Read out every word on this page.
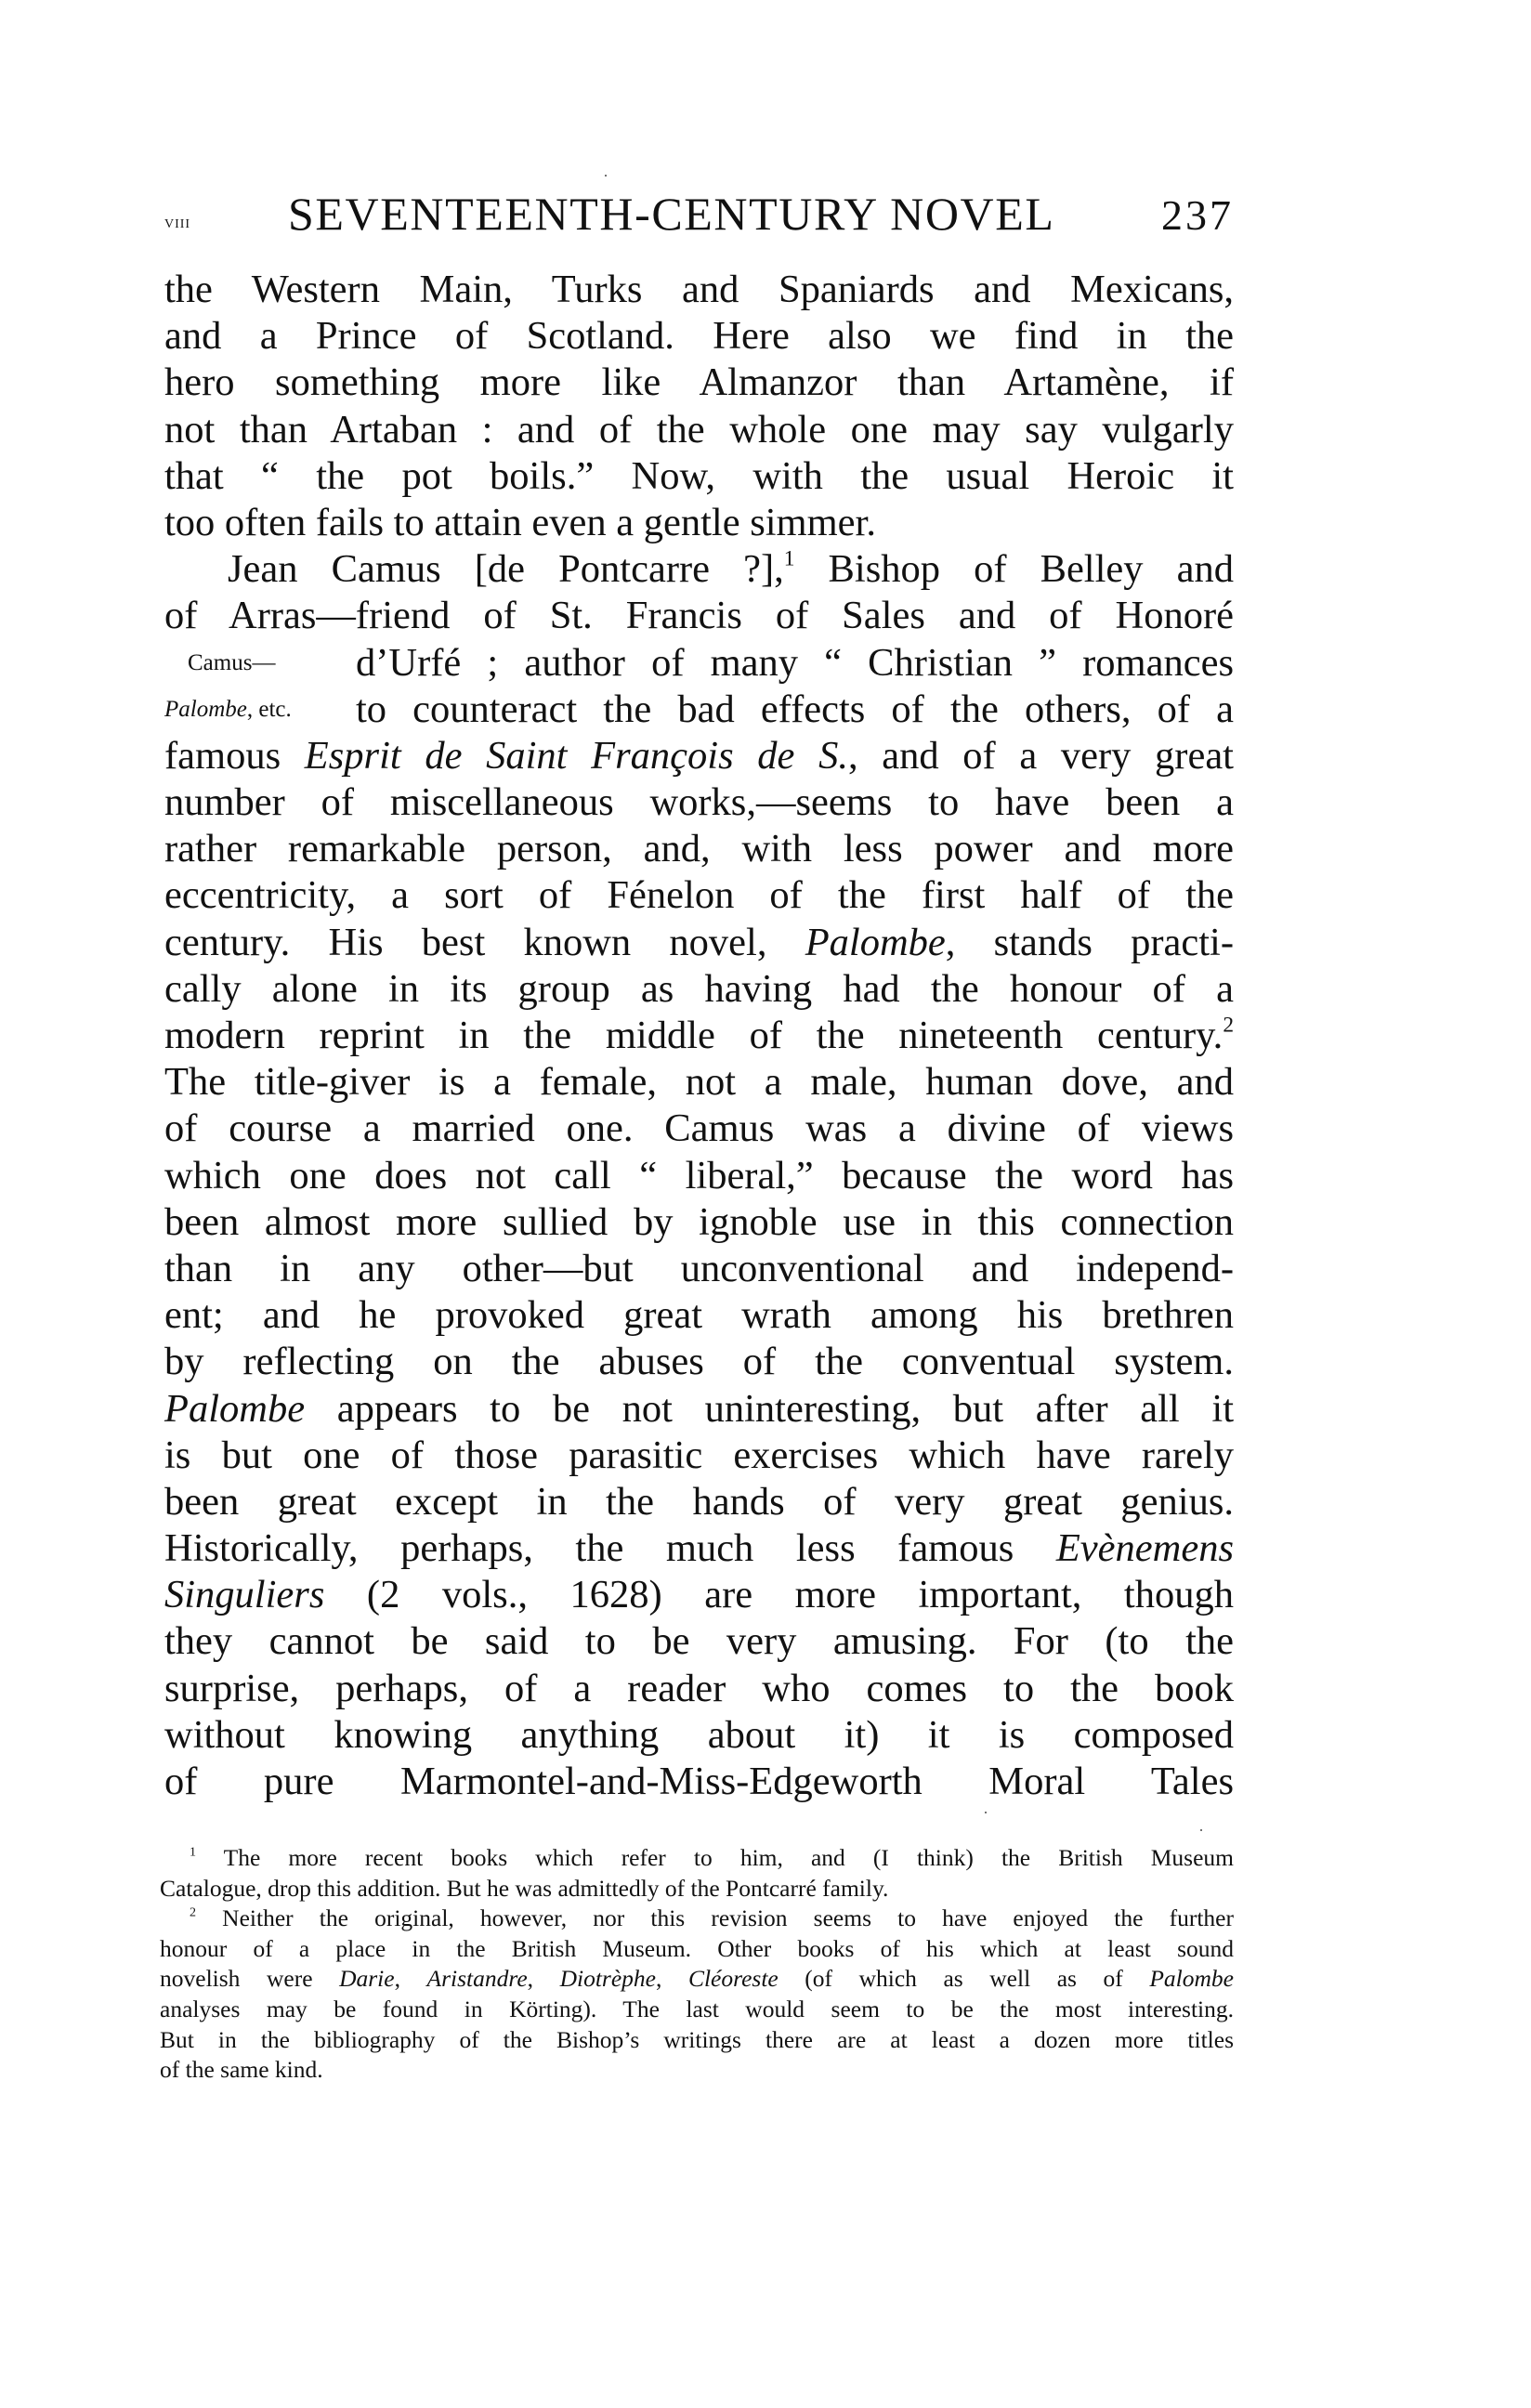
viii SEVENTEENTH-CENTURY NOVEL 237
the Western Main, Turks and Spaniards and Mexicans,
and a Prince of Scotland. Here also we find in the
hero something more like Almanzor than Artamène, if
not than Artaban : and of the whole one may say vulgarly
that “ the pot boils.” Now, with the usual Heroic it
too often fails to attain even a gentle simmer.
Jean Camus [de Pontcarre ?],$^1$ Bishop of Belley and
of Arras—friend of St. Francis of Sales and of Honoré
Camus— d’Urfé ; author of many “ Christian ” romances
Palombe, etc. to counteract the bad effects of the others, of a
famous Esprit de Saint François de S., and of a very great
number of miscellaneous works,—seems to have been a
rather remarkable person, and, with less power and more
eccentricity, a sort of Fénelon of the first half of the
century. His best known novel, Palombe, stands practi-
cally alone in its group as having had the honour of a
modern reprint in the middle of the nineteenth century.$^2$
The title-giver is a female, not a male, human dove, and
of course a married one. Camus was a divine of views
which one does not call “ liberal,” because the word has
been almost more sullied by ignoble use in this connection
than in any other—but unconventional and independ-
ent; and he provoked great wrath among his brethren
by reflecting on the abuses of the conventual system.
Palombe appears to be not uninteresting, but after all it
is but one of those parasitic exercises which have rarely
been great except in the hands of very great genius.
Historically, perhaps, the much less famous Evènemens
Singuliers (2 vols., 1628) are more important, though
they cannot be said to be very amusing. For (to the
surprise, perhaps, of a reader who comes to the book
without knowing anything about it) it is composed
of pure Marmontel-and-Miss-Edgeworth Moral Tales
$^1$ The more recent books which refer to him, and (I think) the British Museum
Catalogue, drop this addition. But he was admittedly of the Pontcarré family.
$^2$ Neither the original, however, nor this revision seems to have enjoyed the further
honour of a place in the British Museum. Other books of his which at least sound
novelish were Darie, Aristandre, Diotrèphe, Cléoreste (of which as well as of Palombe
analyses may be found in Körting). The last would seem to be the most interesting.
But in the bibliography of the Bishop’s writings there are at least a dozen more titles
of the same kind.
